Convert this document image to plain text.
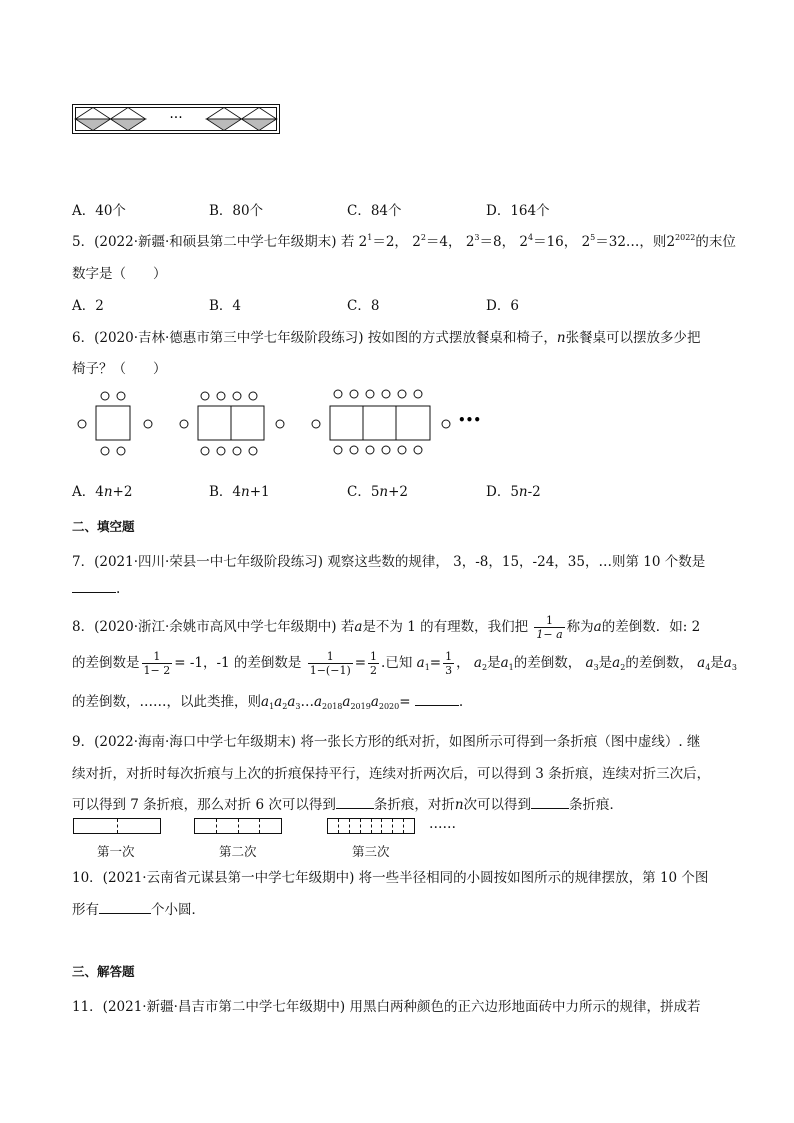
···
A．40个	B．80个	C．84个	D．164个
5．(2022·新疆·和硕县第二中学七年级期末) 若 $2^1=2$， $2^2=4$， $2^3=8$， $2^4=16$， $2^5=32\dots$，则$2^{2022}$的末位
数字是（　　）
A．2	B．4	C．8	D．6
6．(2020·吉林·德惠市第三中学七年级阶段练习) 按如图的方式摆放餐桌和椅子，n张餐桌可以摆放多少把
椅子？（　　）
•••
A．4n+2	B．4n+1	C．5n+2	D．5n-2
二、填空题
7．(2021·四川·荣县一中七年级阶段练习) 观察这些数的规律， 3，-8，15，-24，35，…则第 10 个数是
.
8．(2020·浙江·余姚市高风中学七年级期中) 若a是不为 1 的有理数，我们把 $\frac{1}{1- a}$ 称为a的差倒数．如: 2
的差倒数是 $\frac{1}{1- 2} = -1$，-1 的差倒数是 $\frac{1}{1-(-1)} = \frac{1}{2}$ .已知 $a_1= \frac{1}{3}$ ， $a_2$是$a_1$的差倒数， $a_3$是$a_2$的差倒数， $a_4$是$a_3$
的差倒数，……，以此类推，则$a_1a_2a_3\dots a_{2018}a_{2019}a_{2020}=$	.
9．(2022·海南·海口中学七年级期末) 将一张长方形的纸对折，如图所示可得到一条折痕（图中虚线）. 继
续对折，对折时每次折痕与上次的折痕保持平行，连续对折两次后，可以得到 3 条折痕，连续对折三次后，
可以得到 7 条折痕，那么对折 6 次可以得到	条折痕，对折n次可以得到	条折痕．
……
第一次	第二次	第三次
10．(2021·云南省元谋县第一中学七年级期中) 将一些半径相同的小圆按如图所示的规律摆放，第 10 个图
形有	个小圆．
三、解答题
11．(2021·新疆·昌吉市第二中学七年级期中) 用黑白两种颜色的正六边形地面砖中力所示的规律，拼成若
